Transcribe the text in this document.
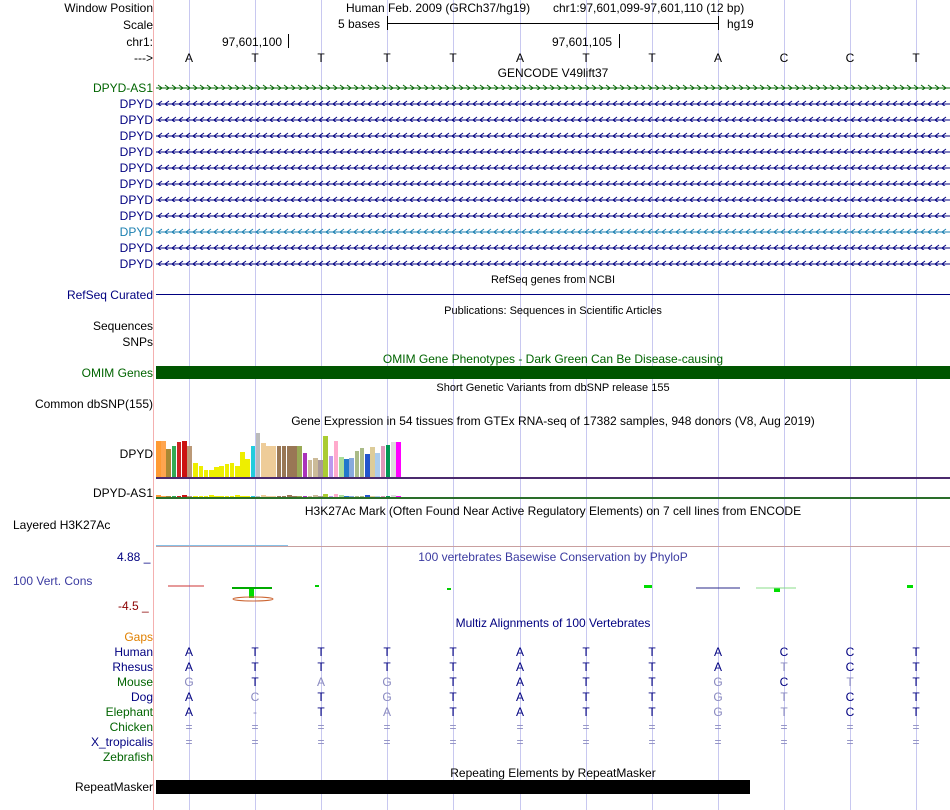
Window Position	Human Feb. 2009 (GRCh37/hg19) chr1:97,601,099-97,601,110 (12 bp)
Scale	5 bases	hg19
chr1:	97,601,100	97,601,105
--->	A	T	T	T	T	A	T	T	A	C	C	T
GENCODE V49lift37
DPYD-AS1
DPYD
DPYD
DPYD
DPYD
DPYD
DPYD
DPYD
DPYD
DPYD
DPYD
DPYD
RefSeq genes from NCBI
RefSeq Curated
Publications: Sequences in Scientific Articles
Sequences
SNPs
OMIM Gene Phenotypes - Dark Green Can Be Disease-causing
OMIM Genes
Short Genetic Variants from dbSNP release 155
Common dbSNP(155)
Gene Expression in 54 tissues from GTEx RNA-seq of 17382 samples, 948 donors (V8, Aug 2019)
DPYD
DPYD-AS1
H3K27Ac Mark (Often Found Near Active Regulatory Elements) on 7 cell lines from ENCODE
Layered H3K27Ac
4.88 _	100 vertebrates Basewise Conservation by PhyloP
100 Vert. Cons
-4.5 _
Multiz Alignments of 100 Vertebrates
Gaps
Human	A	T	T	T	T	A	T	T	A	C	C	T
Rhesus	A	T	T	T	T	A	T	T	A	T	C	T
Mouse	G	T	A	G	T	A	T	T	G	C	T	T
Dog	A	C	T	G	T	A	T	T	G	T	C	T
Elephant	A	-	T	A	T	A	T	T	G	T	C	T
Chicken	=	=	=	=	=	=	=	=	=	=	=	=
X_tropicalis	=	=	=	=	=	=	=	=	=	=	=	=
Zebrafish
Repeating Elements by RepeatMasker
RepeatMasker
